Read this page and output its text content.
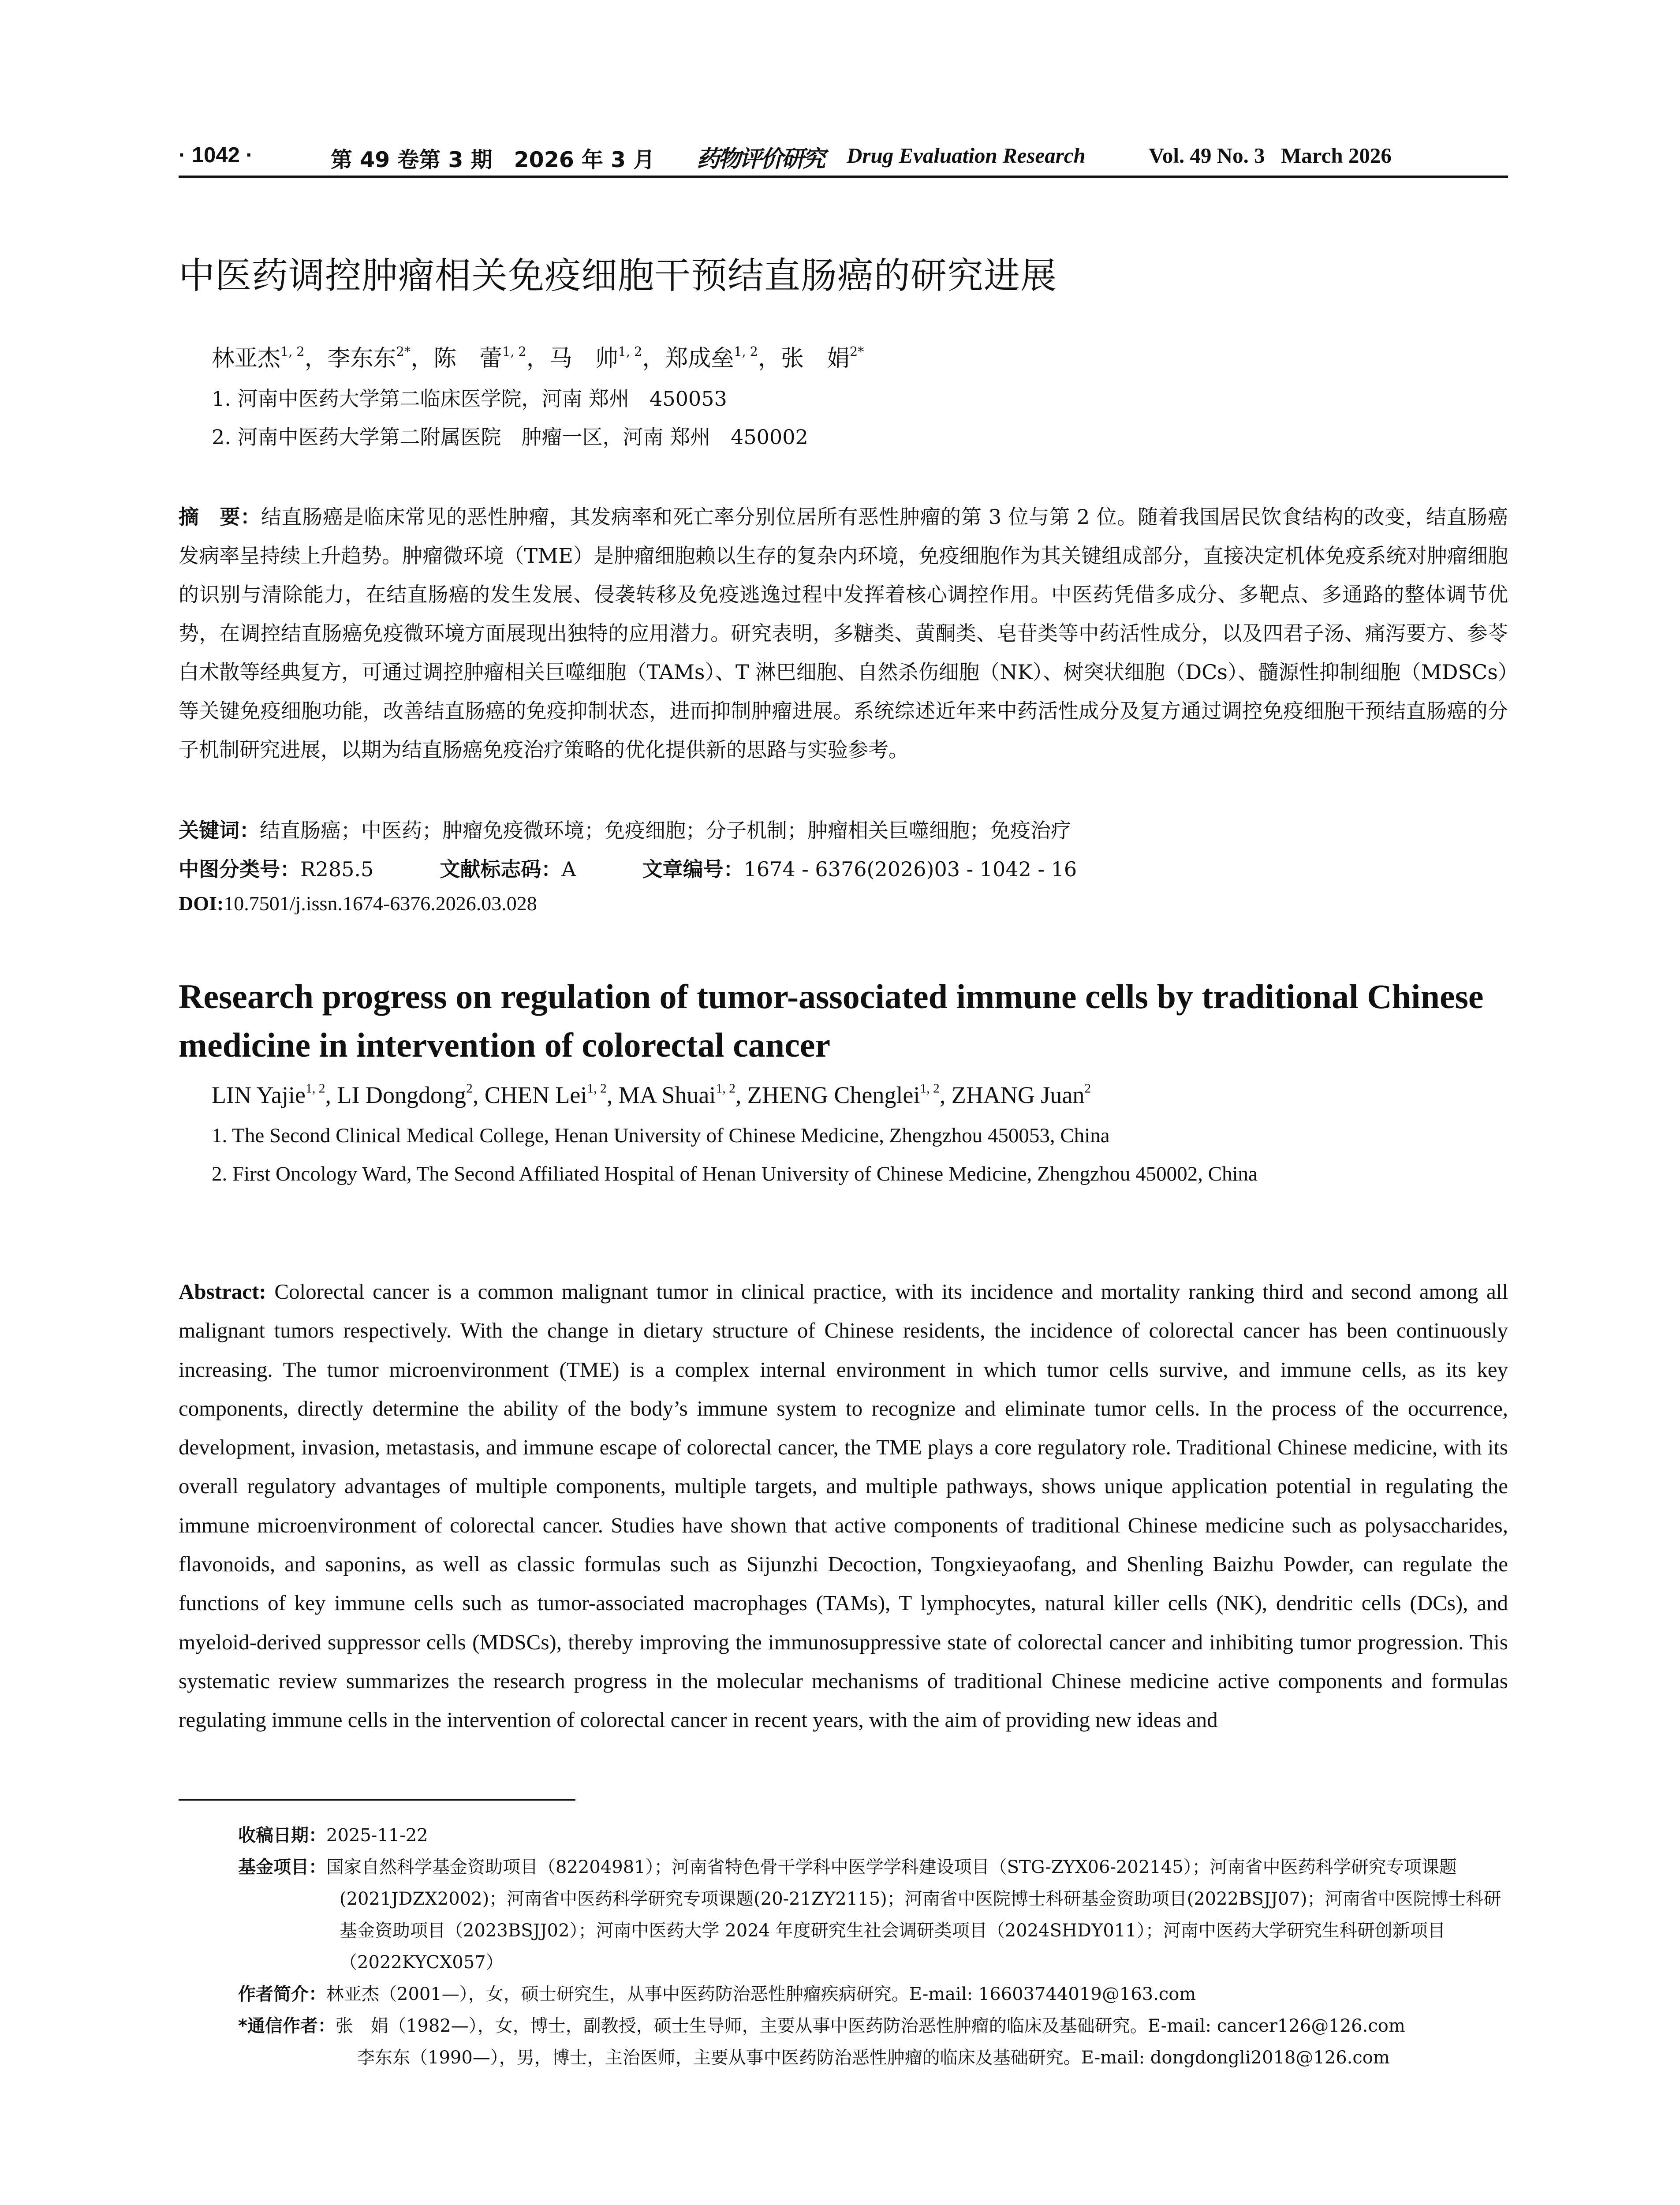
· 1042 ·	第 49 卷第 3 期　2026 年 3 月 药物评价研究 Drug Evaluation Research	Vol. 49 No. 3 March 2026
中医药调控肿瘤相关免疫细胞干预结直肠癌的研究进展
林亚杰$^{1, 2}$，李东东$^{2*}$，陈　蕾$^{1, 2}$，马　帅$^{1, 2}$，郑成垒$^{1, 2}$，张　娟$^{2*}$
1. 河南中医药大学第二临床医学院，河南 郑州　450053
2. 河南中医药大学第二附属医院　肿瘤一区，河南 郑州　450002
摘　要：结直肠癌是临床常见的恶性肿瘤，其发病率和死亡率分别位居所有恶性肿瘤的第 3 位与第 2 位。随着我国居民饮食结构的改变，结直肠癌发病率呈持续上升趋势。肿瘤微环境（TME）是肿瘤细胞赖以生存的复杂内环境，免疫细胞作为其关键组成部分，直接决定机体免疫系统对肿瘤细胞的识别与清除能力，在结直肠癌的发生发展、侵袭转移及免疫逃逸过程中发挥着核心调控作用。中医药凭借多成分、多靶点、多通路的整体调节优势，在调控结直肠癌免疫微环境方面展现出独特的应用潜力。研究表明，多糖类、黄酮类、皂苷类等中药活性成分，以及四君子汤、痛泻要方、参苓白术散等经典复方，可通过调控肿瘤相关巨噬细胞（TAMs）、T 淋巴细胞、自然杀伤细胞（NK）、树突状细胞（DCs）、髓源性抑制细胞（MDSCs）等关键免疫细胞功能，改善结直肠癌的免疫抑制状态，进而抑制肿瘤进展。系统综述近年来中药活性成分及复方通过调控免疫细胞干预结直肠癌的分子机制研究进展，以期为结直肠癌免疫治疗策略的优化提供新的思路与实验参考。
关键词：结直肠癌；中医药；肿瘤免疫微环境；免疫细胞；分子机制；肿瘤相关巨噬细胞；免疫治疗
中图分类号：R285.5	文献标志码：A	文章编号：1674 - 6376(2026)03 - 1042 - 16
DOI:10.7501/j.issn.1674-6376.2026.03.028
Research progress on regulation of tumor-associated immune cells by traditional Chinese medicine in intervention of colorectal cancer
LIN Yajie$^{1, 2}$, LI Dongdong$^2$, CHEN Lei$^{1, 2}$, MA Shuai$^{1, 2}$, ZHENG Chenglei$^{1, 2}$, ZHANG Juan$^2$
1. The Second Clinical Medical College, Henan University of Chinese Medicine, Zhengzhou 450053, China
2. First Oncology Ward, The Second Affiliated Hospital of Henan University of Chinese Medicine, Zhengzhou 450002, China
Abstract: Colorectal cancer is a common malignant tumor in clinical practice, with its incidence and mortality ranking third and second among all malignant tumors respectively. With the change in dietary structure of Chinese residents, the incidence of colorectal cancer has been continuously increasing. The tumor microenvironment (TME) is a complex internal environment in which tumor cells survive, and immune cells, as its key components, directly determine the ability of the body’s immune system to recognize and eliminate tumor cells. In the process of the occurrence, development, invasion, metastasis, and immune escape of colorectal cancer, the TME plays a core regulatory role. Traditional Chinese medicine, with its overall regulatory advantages of multiple components, multiple targets, and multiple pathways, shows unique application potential in regulating the immune microenvironment of colorectal cancer. Studies have shown that active components of traditional Chinese medicine such as polysaccharides, flavonoids, and saponins, as well as classic formulas such as Sijunzhi Decoction, Tongxieyaofang, and Shenling Baizhu Powder, can regulate the functions of key immune cells such as tumor-associated macrophages (TAMs), T lymphocytes, natural killer cells (NK), dendritic cells (DCs), and myeloid-derived suppressor cells (MDSCs), thereby improving the immunosuppressive state of colorectal cancer and inhibiting tumor progression. This systematic review summarizes the research progress in the molecular mechanisms of traditional Chinese medicine active components and formulas regulating immune cells in the intervention of colorectal cancer in recent years, with the aim of providing new ideas and
收稿日期：2025-11-22
基金项目：国家自然科学基金资助项目（82204981）；河南省特色骨干学科中医学学科建设项目（STG-ZYX06-202145）；河南省中医药科学研究专项课题(2021JDZX2002)；河南省中医药科学研究专项课题(20-21ZY2115)；河南省中医院博士科研基金资助项目(2022BSJJ07)；河南省中医院博士科研基金资助项目（2023BSJJ02）；河南中医药大学 2024 年度研究生社会调研类项目（2024SHDY011）；河南中医药大学研究生科研创新项目（2022KYCX057）
作者简介：林亚杰（2001—），女，硕士研究生，从事中医药防治恶性肿瘤疾病研究。E-mail: 16603744019@163.com
*通信作者：张　娟（1982—），女，博士，副教授，硕士生导师，主要从事中医药防治恶性肿瘤的临床及基础研究。E-mail: cancer126@126.com
李东东（1990—），男，博士，主治医师，主要从事中医药防治恶性肿瘤的临床及基础研究。E-mail: dongdongli2018@126.com
